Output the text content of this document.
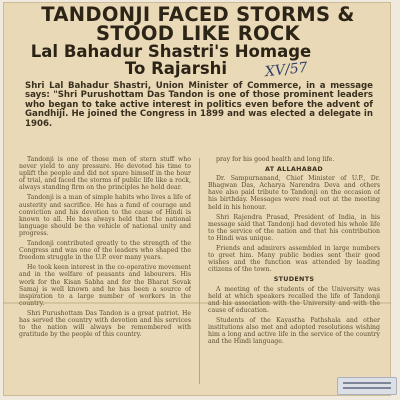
TANDONJI FACED STORMS & STOOD LIKE ROCK
Lal Bahadur Shastri's Homage
To Rajarshi	XV/57
Shri Lal Bahadur Shastri, Union Minister of Commerce, in a message says: "Shri Purushottam Das Tandon is one of those prominent leaders who began to take active interest in politics even before the advent of Gandhiji. He joined the Congress in 1899 and was elected a delegate in 1906.

Tandonji is one of those men of stern stuff who never yield to any pressure. He devoted his time to uplift the people and did not spare himself in the hour of trial, and faced the storms of public life like a rock, always standing firm on the principles he held dear.

Tandonji is a man of simple habits who lives a life of austerity and sacrifice. He has a fund of courage and conviction and his devotion to the cause of Hindi is known to all. He has always held that the national language should be the vehicle of national unity and progress.

Tandonji contributed greatly to the strength of the Congress and was one of the leaders who shaped the freedom struggle in the U.P. over many years.

He took keen interest in the co-operative movement and in the welfare of peasants and labourers. His work for the Kisan Sabha and for the Bharat Sevak Samaj is well known and he has been a source of inspiration to a large number of workers in the country.

Shri Purushottam Das Tandon is a great patriot. He has served the country with devotion and his services to the nation will always be remembered with gratitude by the people of this country.

pray for his good health and long life.

AT ALLAHABAD

Dr. Sampurnanand, Chief Minister of U.P., Dr. Bhagwan Das, Acharya Narendra Deva and others have also paid tribute to Tandonji on the occasion of his birthday. Messages were read out at the meeting held in his honour.

Shri Rajendra Prasad, President of India, in his message said that Tandonji had devoted his whole life to the service of the nation and that his contribution to Hindi was unique.

Friends and admirers assembled in large numbers to greet him. Many public bodies sent their good wishes and the function was attended by leading citizens of the town.

STUDENTS

A meeting of the students of the University was held at which speakers recalled the life of Tandonji and his association with the University and with the cause of education.

Students of the Kayastha Pathshala and other institutions also met and adopted resolutions wishing him a long and active life in the service of the country and the Hindi language.
